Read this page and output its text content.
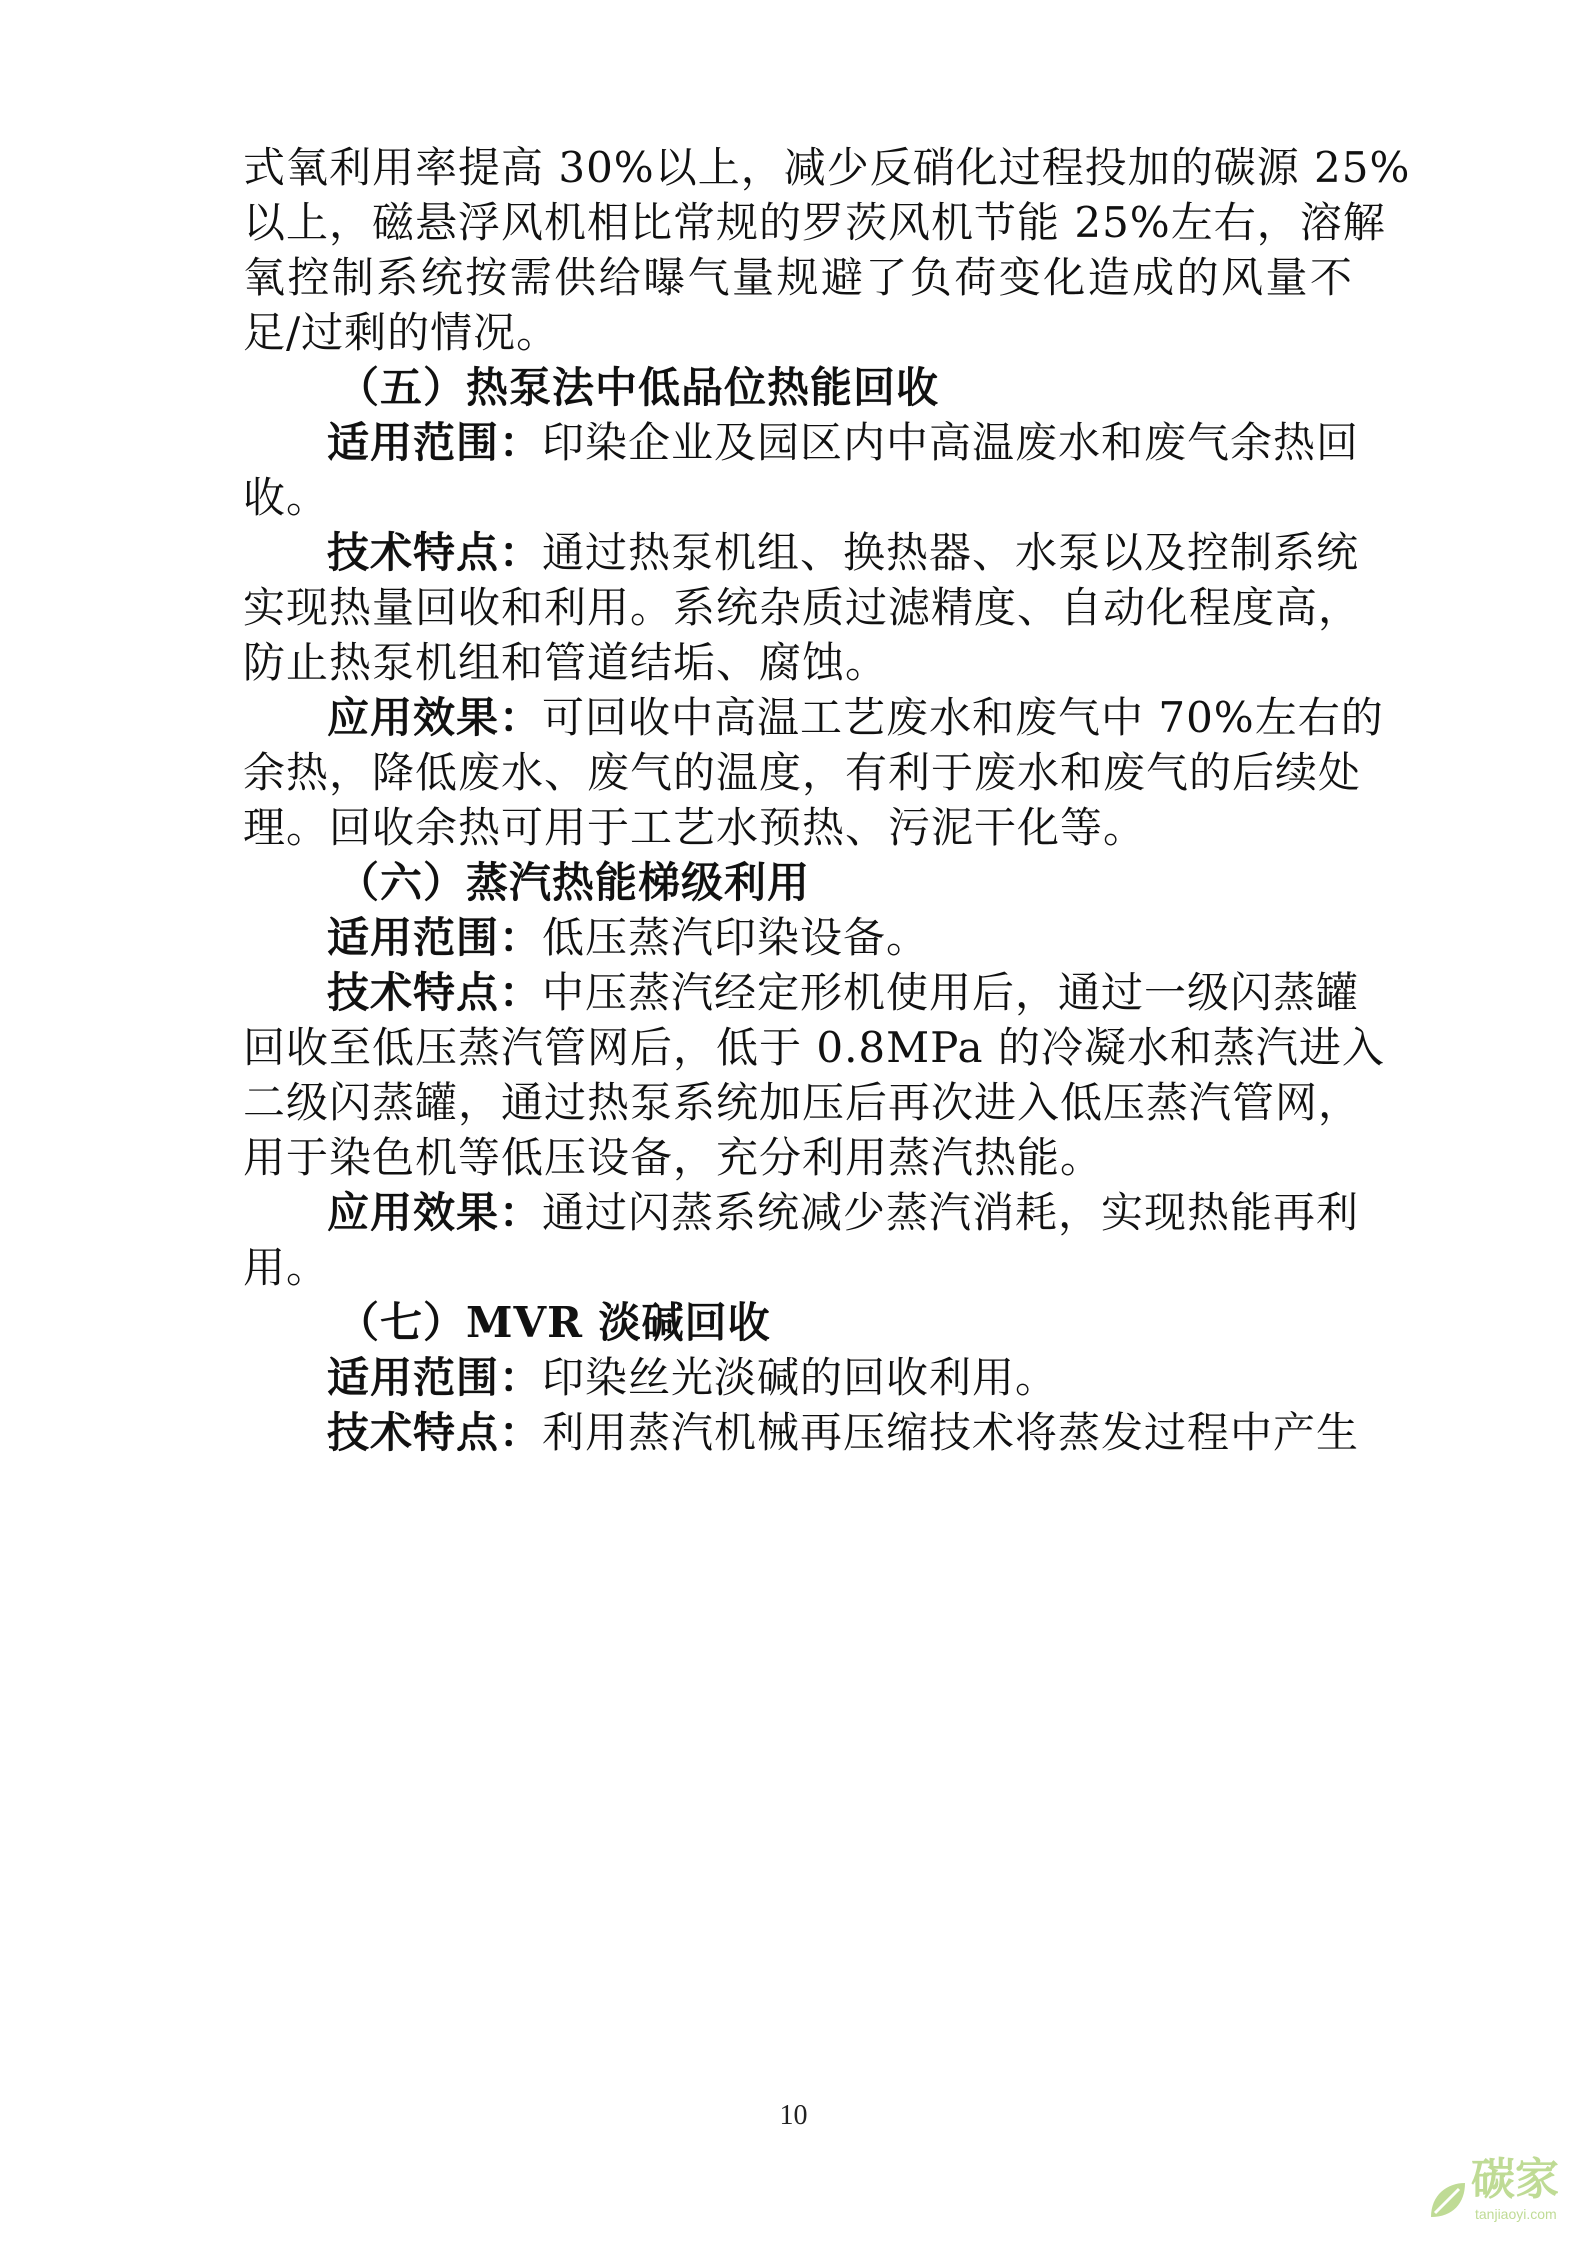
式氧利用率提高 30%以上，减少反硝化过程投加的碳源 25%
以上，磁悬浮风机相比常规的罗茨风机节能 25%左右，溶解
氧控制系统按需供给曝气量规避了负荷变化造成的风量不
足/过剩的情况。
（五）热泵法中低品位热能回收
适用范围：印染企业及园区内中高温废水和废气余热回
收。
技术特点：通过热泵机组、换热器、水泵以及控制系统
实现热量回收和利用。系统杂质过滤精度、自动化程度高，
防止热泵机组和管道结垢、腐蚀。
应用效果：可回收中高温工艺废水和废气中 70%左右的
余热，降低废水、废气的温度，有利于废水和废气的后续处
理。回收余热可用于工艺水预热、污泥干化等。
（六）蒸汽热能梯级利用
适用范围：低压蒸汽印染设备。
技术特点：中压蒸汽经定形机使用后，通过一级闪蒸罐
回收至低压蒸汽管网后，低于 0.8MPa 的冷凝水和蒸汽进入
二级闪蒸罐，通过热泵系统加压后再次进入低压蒸汽管网，
用于染色机等低压设备，充分利用蒸汽热能。
应用效果：通过闪蒸系统减少蒸汽消耗，实现热能再利
用。
（七）MVR 淡碱回收
适用范围：印染丝光淡碱的回收利用。
技术特点：利用蒸汽机械再压缩技术将蒸发过程中产生
10
碳家
tanjiaoyi.com
